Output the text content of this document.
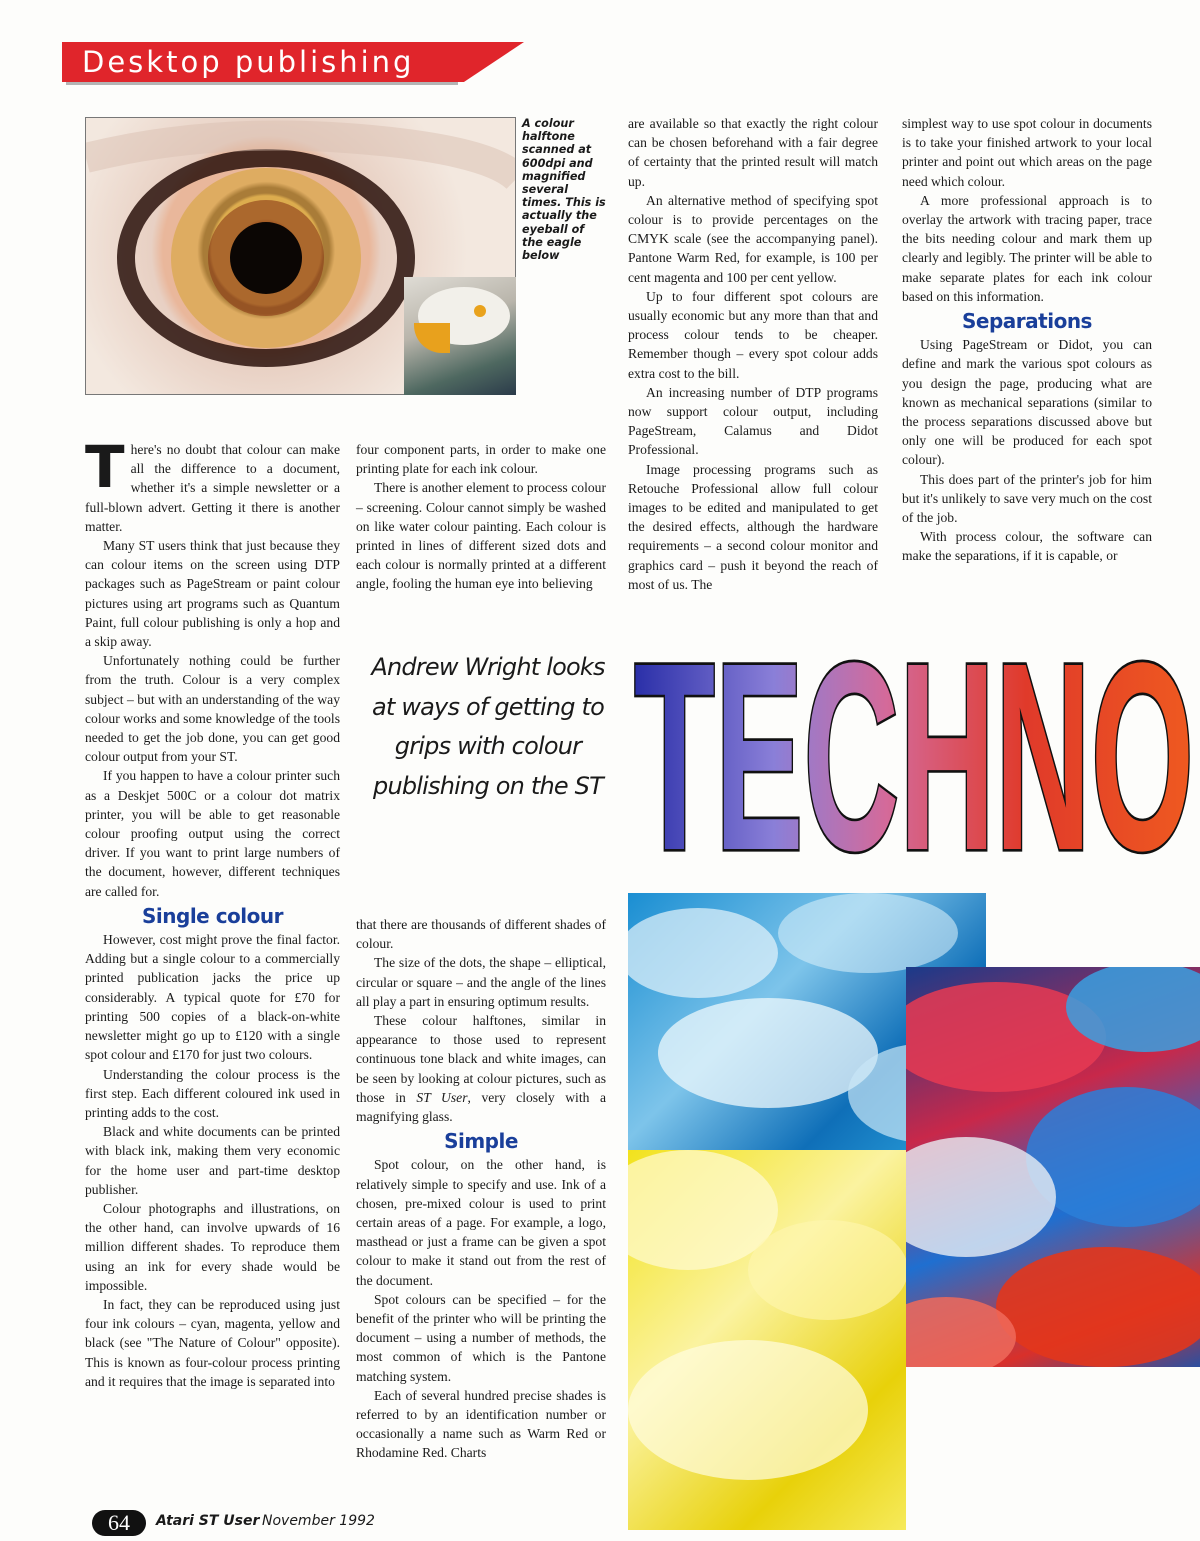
Desktop publishing
A colour halftone scanned at 600dpi and magnified several times. This is actually the eyeball of the eagle below

There's no doubt that colour can make all the difference to a document, whether it's a simple newsletter or a full-blown advert. Getting it there is another matter.

Many ST users think that just because they can colour items on the screen using DTP packages such as PageStream or paint colour pictures using art programs such as Quantum Paint, full colour publishing is only a hop and a skip away.

Unfortunately nothing could be further from the truth. Colour is a very complex subject – but with an understanding of the way colour works and some knowledge of the tools needed to get the job done, you can get good colour output from your ST.

If you happen to have a colour printer such as a Deskjet 500C or a colour dot matrix printer, you will be able to get reasonable colour proofing output using the correct driver. If you want to print large numbers of the document, however, different techniques are called for.

Single colour

However, cost might prove the final factor. Adding but a single colour to a commercially printed publication jacks the price up considerably. A typical quote for £70 for printing 500 copies of a black-on-white newsletter might go up to £120 with a single spot colour and £170 for just two colours.

Understanding the colour process is the first step. Each different coloured ink used in printing adds to the cost.

Black and white documents can be printed with black ink, making them very economic for the home user and part-time desktop publisher.

Colour photographs and illustrations, on the other hand, can involve upwards of 16 million different shades. To reproduce them using an ink for every shade would be impossible.

In fact, they can be reproduced using just four ink colours – cyan, magenta, yellow and black (see "The Nature of Colour" opposite). This is known as four-colour process printing and it requires that the image is separated into

four component parts, in order to make one printing plate for each ink colour.

There is another element to process colour – screening. Colour cannot simply be washed on like water colour painting. Each colour is printed in lines of different sized dots and each colour is normally printed at a different angle, fooling the human eye into believing

Andrew Wright looks at ways of getting to grips with colour publishing on the ST

that there are thousands of different shades of colour.

The size of the dots, the shape – elliptical, circular or square – and the angle of the lines all play a part in ensuring optimum results.

These colour halftones, similar in appearance to those used to represent continuous tone black and white images, can be seen by looking at colour pictures, such as those in ST User, very closely with a magnifying glass.

Simple

Spot colour, on the other hand, is relatively simple to specify and use. Ink of a chosen, pre-mixed colour is used to print certain areas of a page. For example, a logo, masthead or just a frame can be given a spot colour to make it stand out from the rest of the document.

Spot colours can be specified – for the benefit of the printer who will be printing the document – using a number of methods, the most common of which is the Pantone matching system.

Each of several hundred precise shades is referred to by an identification number or occasionally a name such as Warm Red or Rhodamine Red. Charts

are available so that exactly the right colour can be chosen beforehand with a fair degree of certainty that the printed result will match up.

An alternative method of specifying spot colour is to provide percentages on the CMYK scale (see the accompanying panel). Pantone Warm Red, for example, is 100 per cent magenta and 100 per cent yellow.

Up to four different spot colours are usually economic but any more than that and process colour tends to be cheaper. Remember though – every spot colour adds extra cost to the bill.

An increasing number of DTP programs now support colour output, including PageStream, Calamus and Didot Professional.

Image processing programs such as Retouche Professional allow full colour images to be edited and manipulated to get the desired effects, although the hardware requirements – a second colour monitor and graphics card – push it beyond the reach of most of us. The

simplest way to use spot colour in documents is to take your finished artwork to your local printer and point out which areas on the page need which colour.

A more professional approach is to overlay the artwork with tracing paper, trace the bits needing colour and mark them up clearly and legibly. The printer will be able to make separate plates for each ink colour based on this information.

Separations

Using PageStream or Didot, you can define and mark the various spot colours as you design the page, producing what are known as mechanical separations (similar to the process separations discussed above but only one will be produced for each spot colour).

This does part of the printer's job for him but it's unlikely to save very much on the cost of the job.

With process colour, the software can make the separations, if it is capable, or

TECHNO
64	Atari ST User November 1992
